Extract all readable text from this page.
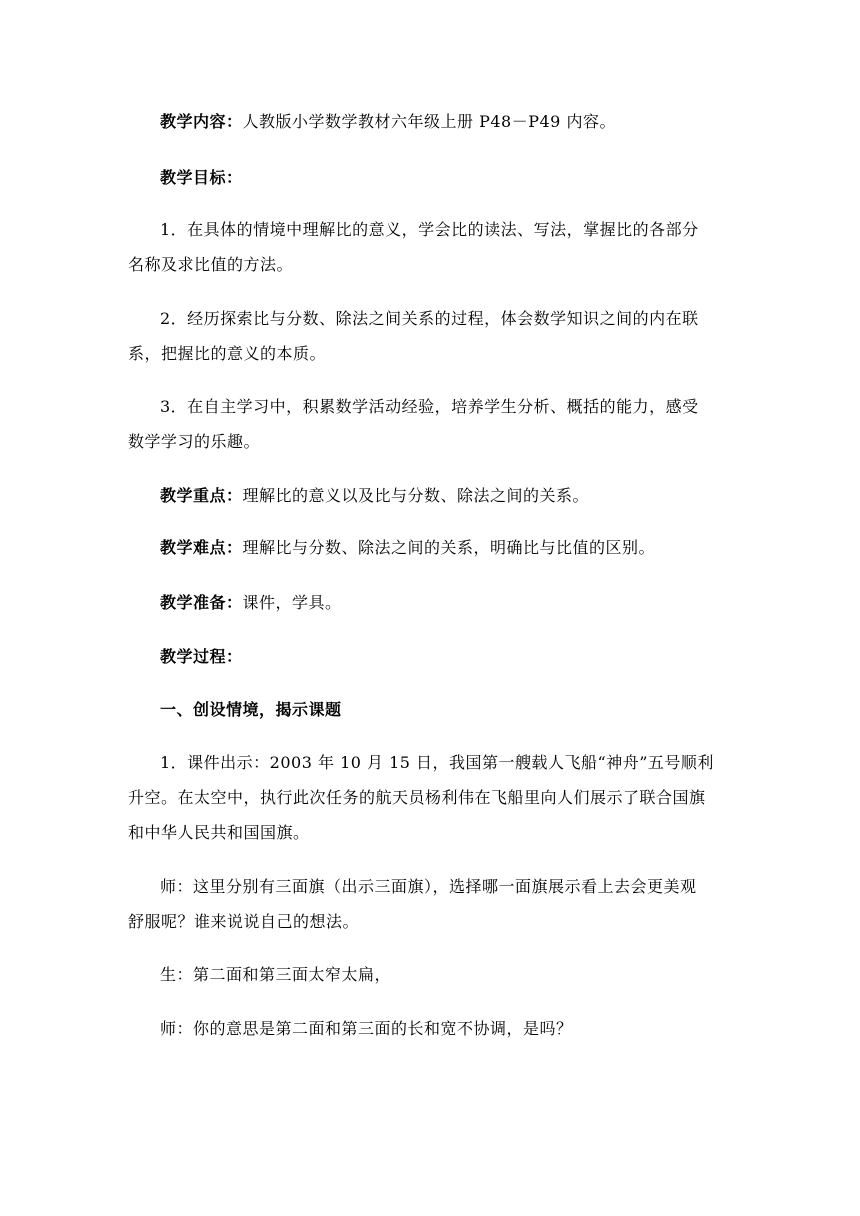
教学内容：人教版小学数学教材六年级上册 P48－P49 内容。

教学目标：

1．在具体的情境中理解比的意义，学会比的读法、写法，掌握比的各部分
名称及求比值的方法。

2．经历探索比与分数、除法之间关系的过程，体会数学知识之间的内在联
系，把握比的意义的本质。

3．在自主学习中，积累数学活动经验，培养学生分析、概括的能力，感受
数学学习的乐趣。

教学重点：理解比的意义以及比与分数、除法之间的关系。

教学难点：理解比与分数、除法之间的关系，明确比与比值的区别。

教学准备：课件，学具。

教学过程：

一、创设情境，揭示课题

1．课件出示：2003 年 10 月 15 日，我国第一艘载人飞船“神舟”五号顺利
升空。在太空中，执行此次任务的航天员杨利伟在飞船里向人们展示了联合国旗
和中华人民共和国国旗。

师：这里分别有三面旗（出示三面旗），选择哪一面旗展示看上去会更美观
舒服呢？谁来说说自己的想法。

生：第二面和第三面太窄太扁，

师：你的意思是第二面和第三面的长和宽不协调，是吗？
